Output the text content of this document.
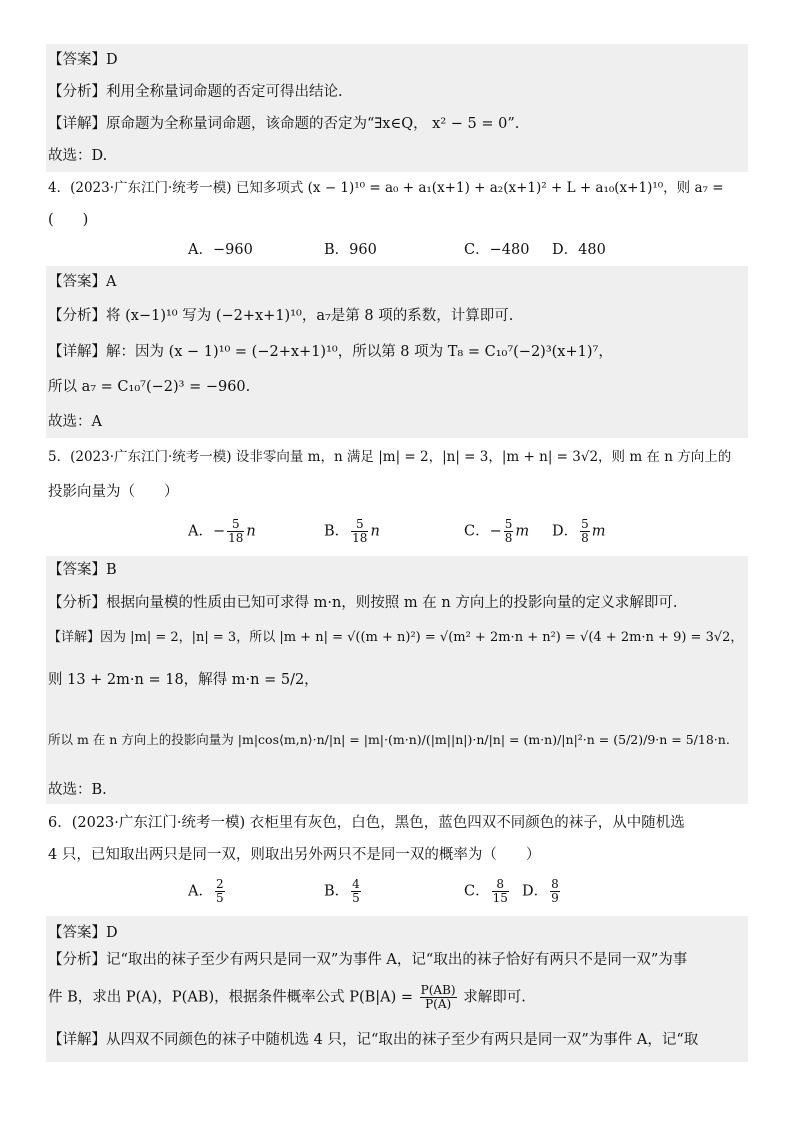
【答案】D
【分析】利用全称量词命题的否定可得出结论.
【详解】原命题为全称量词命题，该命题的否定为“∃x∈Q， x² − 5 = 0”.
故选：D.
4．(2023·广东江门·统考一模) 已知多项式 (x − 1)¹⁰ = a₀ + a₁(x+1) + a₂(x+1)² + L + a₁₀(x+1)¹⁰，则 a₇ =
(　　)
A．−960	B．960	C．−480 D．480
【答案】A
【分析】将 (x−1)¹⁰ 写为 (−2+x+1)¹⁰，a₇是第 8 项的系数，计算即可.
【详解】解：因为 (x − 1)¹⁰ = (−2+x+1)¹⁰，所以第 8 项为 T₈ = C₁₀⁷(−2)³(x+1)⁷，
所以 a₇ = C₁₀⁷(−2)³ = −960.
故选：A
5．(2023·广东江门·统考一模) 设非零向量 m，n 满足 |m| = 2，|n| = 3，|m + n| = 3√2，则 m 在 n 方向上的
投影向量为（　　）
A．− $\frac{5}{18}$ n	B． $\frac{5}{18}$ n	C．− $\frac{5}{8}$ m D． $\frac{5}{8}$ m
【答案】B
【分析】根据向量模的性质由已知可求得 m·n，则按照 m 在 n 方向上的投影向量的定义求解即可.
【详解】因为 |m| = 2，|n| = 3，所以 |m + n| = √((m + n)²) = √(m² + 2m·n + n²) = √(4 + 2m·n + 9) = 3√2，
则 13 + 2m·n = 18，解得 m·n = 5/2，
所以 m 在 n 方向上的投影向量为 |m|cos⟨m,n⟩·n/|n| = |m|·(m·n)/(|m||n|)·n/|n| = (m·n)/|n|²·n = (5/2)/9·n = 5/18·n.
故选：B.
6．(2023·广东江门·统考一模) 衣柜里有灰色，白色，黑色，蓝色四双不同颜色的袜子，从中随机选
4 只，已知取出两只是同一双，则取出另外两只不是同一双的概率为（　　）
A． $\frac{2}{5}$	B． $\frac{4}{5}$	C． $\frac{8}{15}$ D． $\frac{8}{9}$
【答案】D
【分析】记“取出的袜子至少有两只是同一双”为事件 A，记“取出的袜子恰好有两只不是同一双”为事
件 B，求出 P(A)，P(AB)，根据条件概率公式 $P(B|A) = \frac{P(AB)}{P(A)}$ 求解即可.
【详解】从四双不同颜色的袜子中随机选 4 只，记“取出的袜子至少有两只是同一双”为事件 A，记“取
